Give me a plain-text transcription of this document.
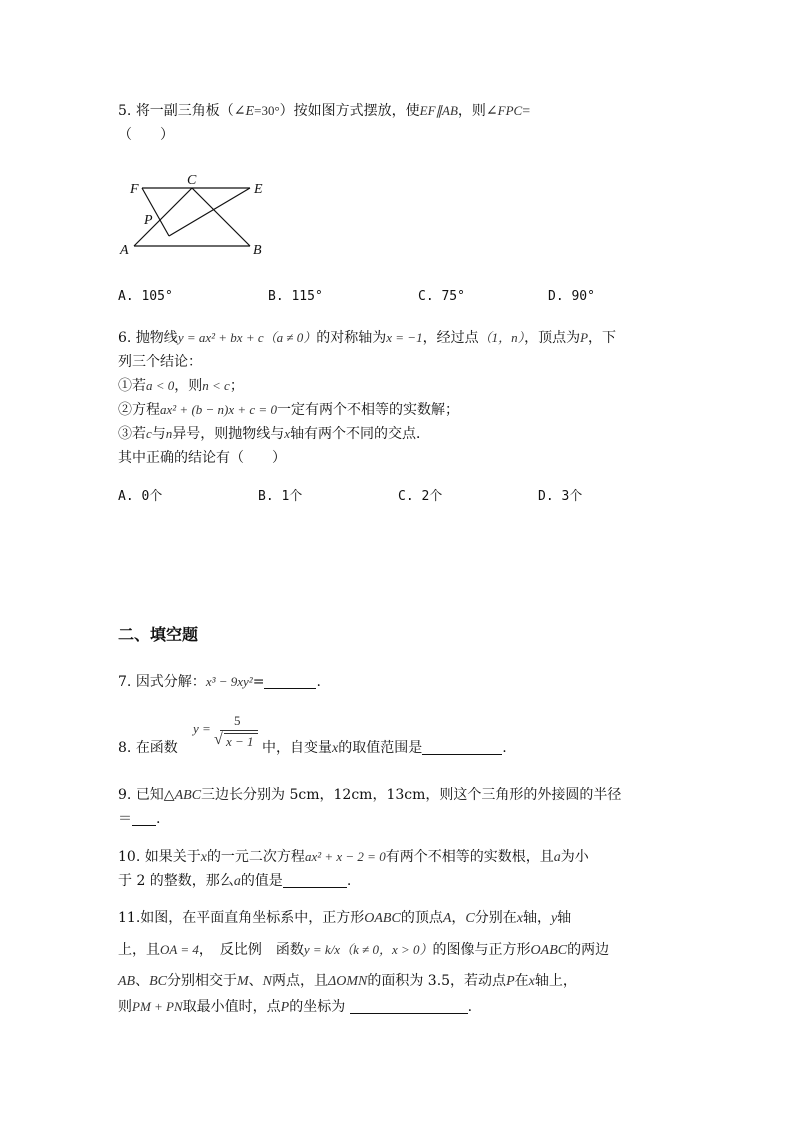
5. 将一副三角板（∠E=30°）按如图方式摆放，使EF∥AB，则∠FPC=
（　　）
F
C
E
P
A	B
A. 105°	B. 115°	C. 75°	D. 90°
6. 抛物线y = ax² + bx + c（a ≠ 0）的对称轴为x = −1，经过点（1，n），顶点为P，下
列三个结论：
①若a < 0，则n < c；
②方程ax² + (b − n)x + c = 0一定有两个不相等的实数解；
③若c与n异号，则抛物线与x轴有两个不同的交点．
其中正确的结论有（　　）
A. 0个	B. 1个	C. 2个	D. 3个
二、填空题
7. 因式分解：x³ − 9xy²=	.
8. 在函数
y =
5
√ x − 1 中，自变量x的取值范围是	.
9. 已知△ABC三边长分别为 5cm，12cm，13cm，则这个三角形的外接圆的半径
＝ .
10. 如果关于x的一元二次方程ax² + x − 2 = 0有两个不相等的实数根，且a为小
于 2 的整数，那么a的值是	.
11.如图，在平面直角坐标系中，正方形OABC的顶点A，C分别在x轴，y轴
上，且OA = 4，　反比例　函数y = k/x（k ≠ 0，x > 0）的图像与正方形OABC的两边
AB、BC分别相交于M、N两点，且ΔOMN的面积为 3.5，若动点P在x轴上，
则PM + PN取最小值时，点P的坐标为	.
